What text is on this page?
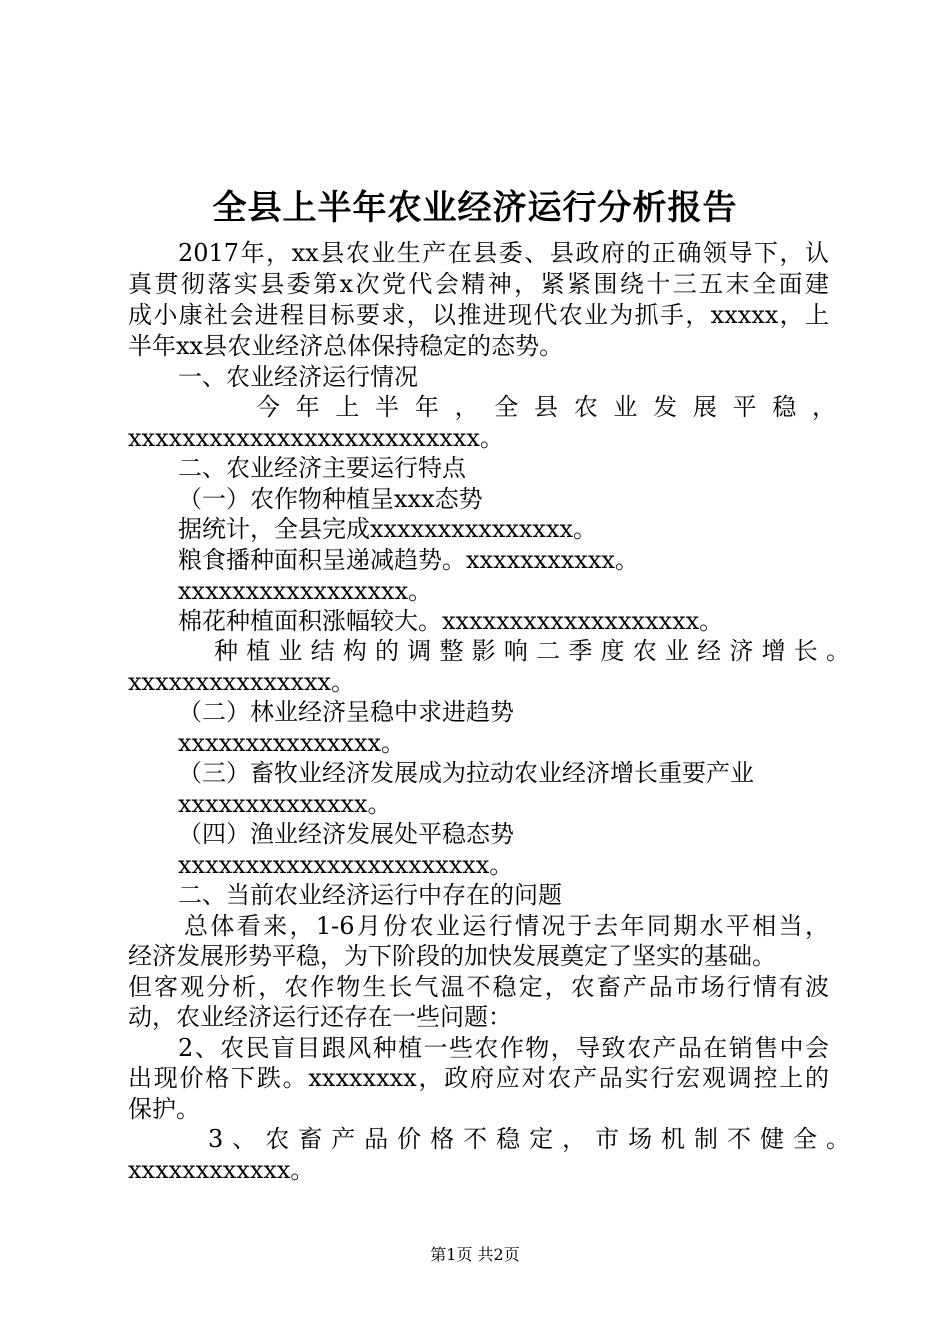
全县上半年农业经济运行分析报告
2017年，xx县农业生产在县委、县政府的正确领导下，认
真贯彻落实县委第x次党代会精神，紧紧围绕十三五末全面建
成小康社会进程目标要求，以推进现代农业为抓手，xxxxx，上
半年xx县农业经济总体保持稳定的态势。
一、农业经济运行情况
今年上半年，全县农业发展平稳，
xxxxxxxxxxxxxxxxxxxxxxxxxx。
二、农业经济主要运行特点
（一）农作物种植呈xxx态势
据统计，全县完成xxxxxxxxxxxxxxx。
粮食播种面积呈递减趋势。xxxxxxxxxxx。
xxxxxxxxxxxxxxxxx。
棉花种植面积涨幅较大。xxxxxxxxxxxxxxxxxxx。
种植业结构的调整影响二季度农业经济增长。
xxxxxxxxxxxxxxx。
（二）林业经济呈稳中求进趋势
xxxxxxxxxxxxxxx。
（三）畜牧业经济发展成为拉动农业经济增长重要产业
xxxxxxxxxxxxxx。
（四）渔业经济发展处平稳态势
xxxxxxxxxxxxxxxxxxxxxxx。
二、当前农业经济运行中存在的问题
总体看来，1-6月份农业运行情况于去年同期水平相当，
经济发展形势平稳，为下阶段的加快发展奠定了坚实的基础。
但客观分析，农作物生长气温不稳定，农畜产品市场行情有波
动，农业经济运行还存在一些问题：
2、农民盲目跟风种植一些农作物，导致农产品在销售中会
出现价格下跌。xxxxxxxx，政府应对农产品实行宏观调控上的
保护。
3、农畜产品价格不稳定，市场机制不健全。
xxxxxxxxxxxx。
第1页 共2页
